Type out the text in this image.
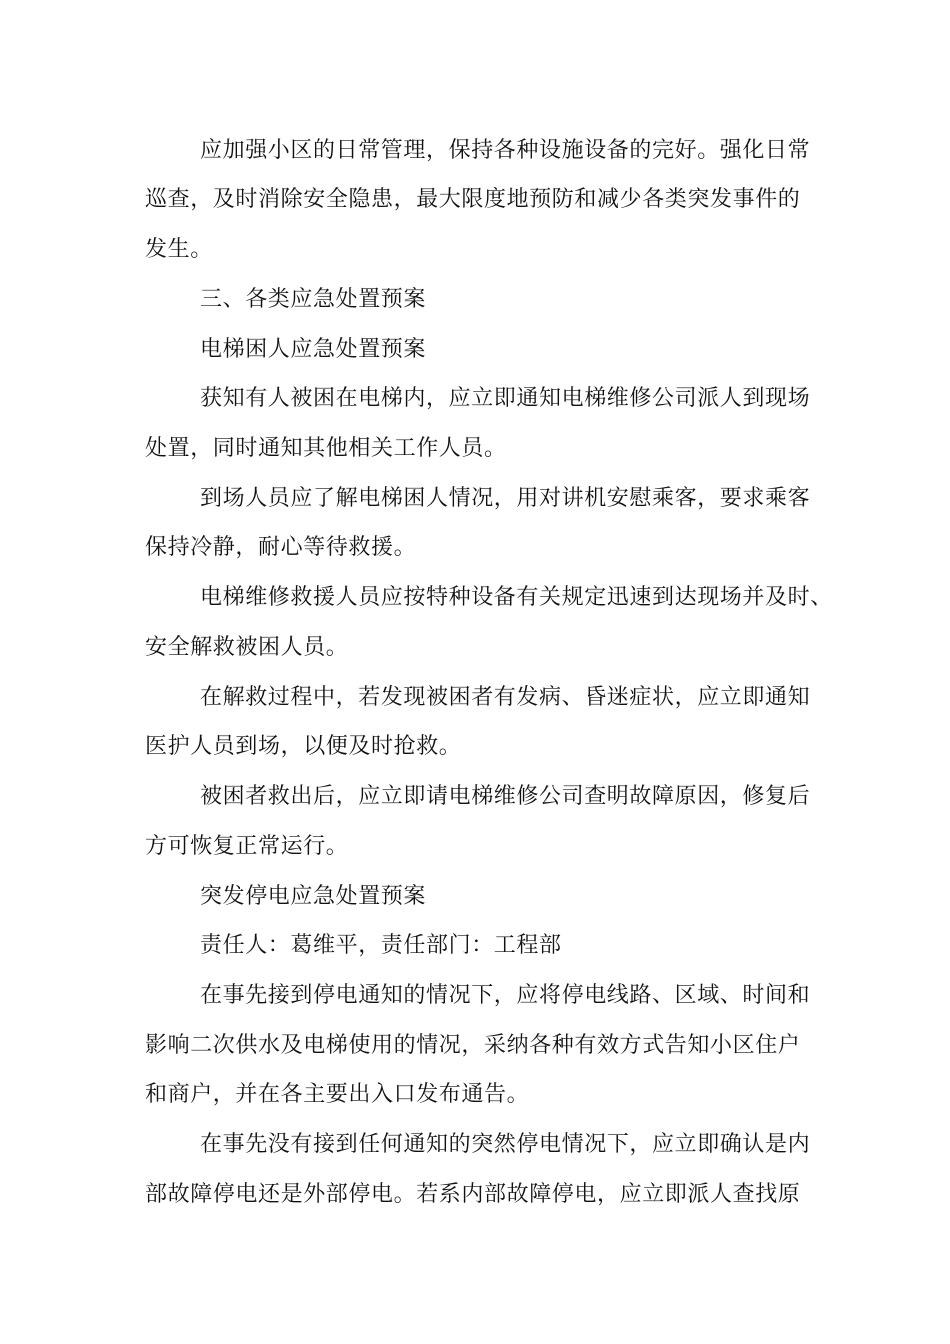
应加强小区的日常管理，保持各种设施设备的完好。强化日常
巡查，及时消除安全隐患，最大限度地预防和减少各类突发事件的
发生。
三、各类应急处置预案
电梯困人应急处置预案
获知有人被困在电梯内，应立即通知电梯维修公司派人到现场
处置，同时通知其他相关工作人员。
到场人员应了解电梯困人情况，用对讲机安慰乘客，要求乘客
保持冷静，耐心等待救援。
电梯维修救援人员应按特种设备有关规定迅速到达现场并及时、
安全解救被困人员。
在解救过程中，若发现被困者有发病、昏迷症状，应立即通知
医护人员到场，以便及时抢救。
被困者救出后，应立即请电梯维修公司查明故障原因，修复后
方可恢复正常运行。
突发停电应急处置预案
责任人：葛维平，责任部门：工程部
在事先接到停电通知的情况下，应将停电线路、区域、时间和
影响二次供水及电梯使用的情况，采纳各种有效方式告知小区住户
和商户，并在各主要出入口发布通告。
在事先没有接到任何通知的突然停电情况下，应立即确认是内
部故障停电还是外部停电。若系内部故障停电，应立即派人查找原
